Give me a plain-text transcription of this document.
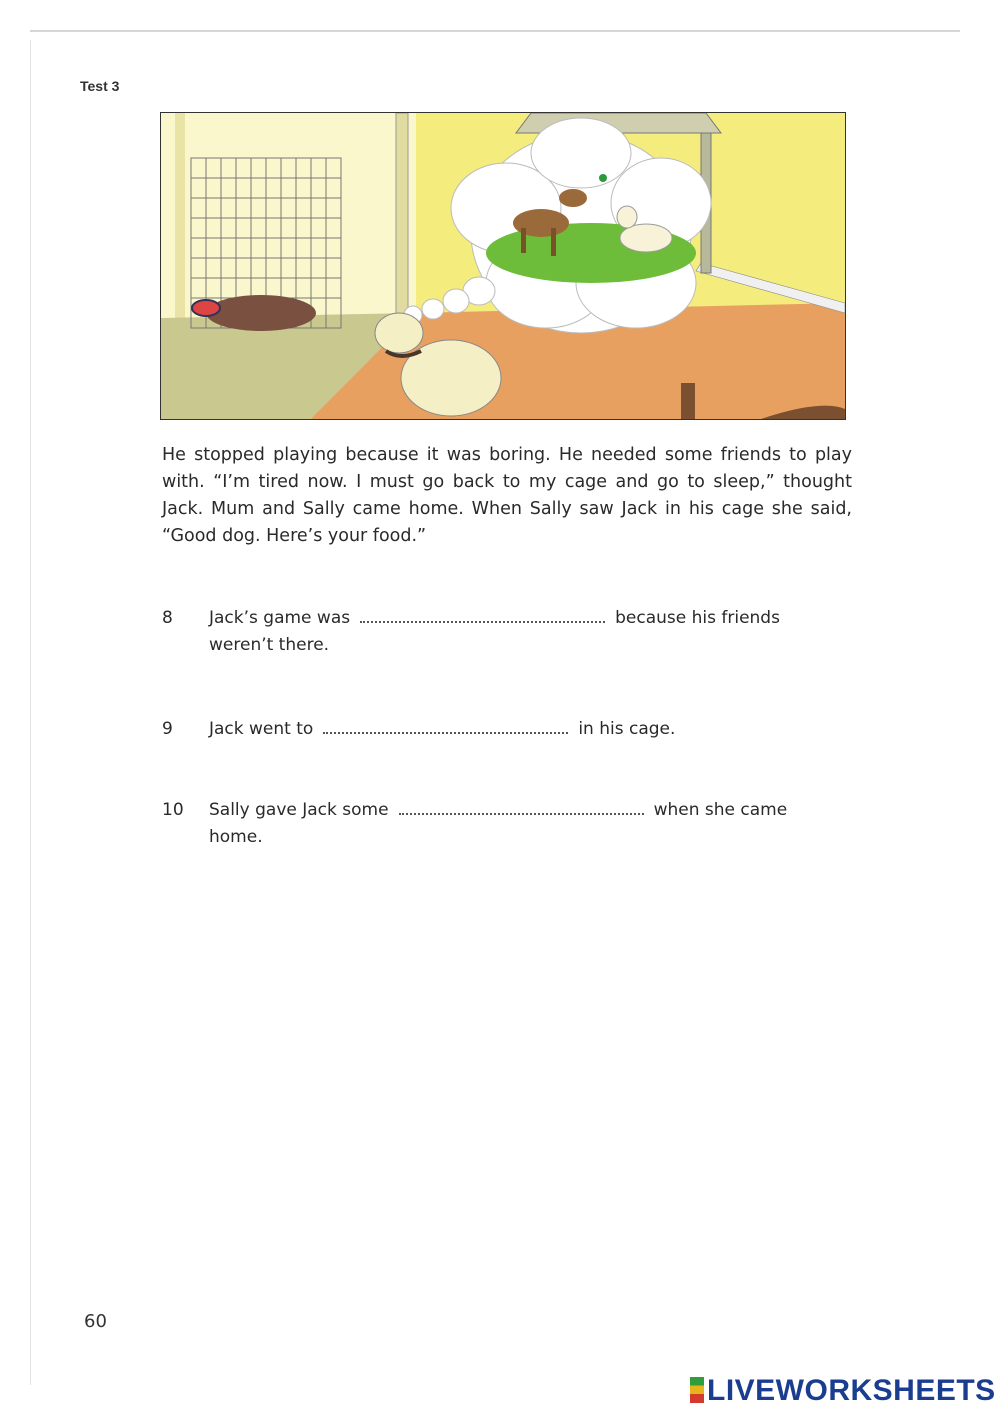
Test 3
He stopped playing because it was boring. He needed some friends to play with. “I’m tired now. I must go back to my cage and go to sleep,” thought Jack. Mum and Sally came home. When Sally saw Jack in his cage she said, “Good dog. Here’s your food.”
8 Jack’s game was	because his friends
weren’t there.
9 Jack went to	in his cage.
10 Sally gave Jack some	when she came
home.
60
LIVEWORKSHEETS
